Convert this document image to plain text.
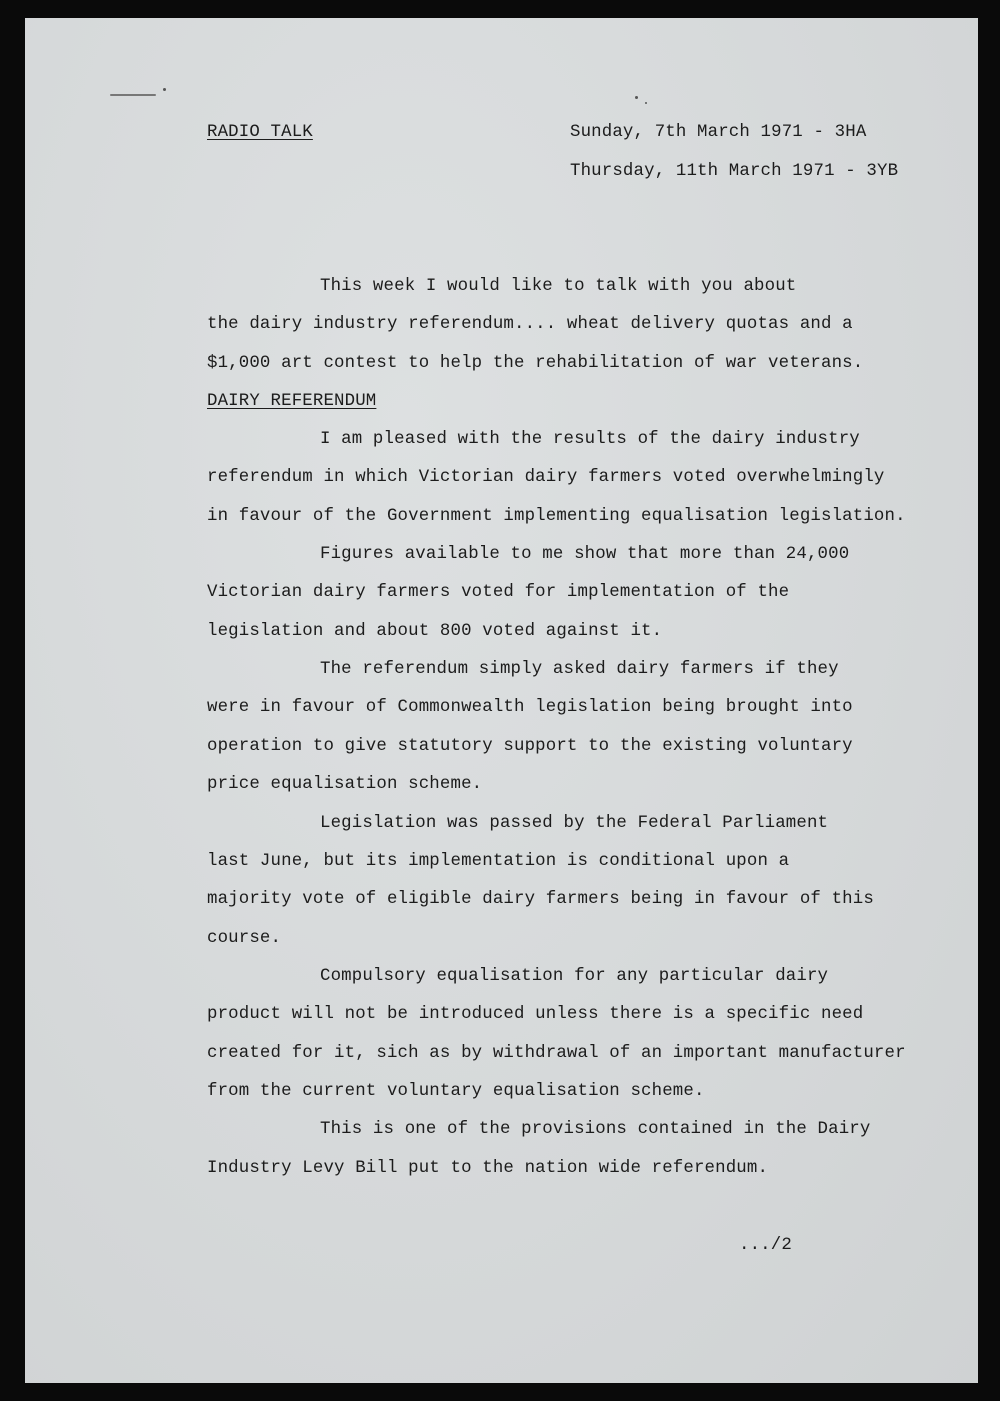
RADIO TALK	Sunday, 7th March 1971 - 3HA
Thursday, 11th March 1971 - 3YB
This week I would like to talk with you about
the dairy industry referendum.... wheat delivery quotas and a
$1,000 art contest to help the rehabilitation of war veterans.
DAIRY REFERENDUM
I am pleased with the results of the dairy industry
referendum in which Victorian dairy farmers voted overwhelmingly
in favour of the Government implementing equalisation legislation.
Figures available to me show that more than 24,000
Victorian dairy farmers voted for implementation of the
legislation and about 800 voted against it.
The referendum simply asked dairy farmers if they
were in favour of Commonwealth legislation being brought into
operation to give statutory support to the existing voluntary
price equalisation scheme.
Legislation was passed by the Federal Parliament
last June, but its implementation is conditional upon a
majority vote of eligible dairy farmers being in favour of this
course.
Compulsory equalisation for any particular dairy
product will not be introduced unless there is a specific need
created for it, sich as by withdrawal of an important manufacturer
from the current voluntary equalisation scheme.
This is one of the provisions contained in the Dairy
Industry Levy Bill put to the nation wide referendum.
.../2
